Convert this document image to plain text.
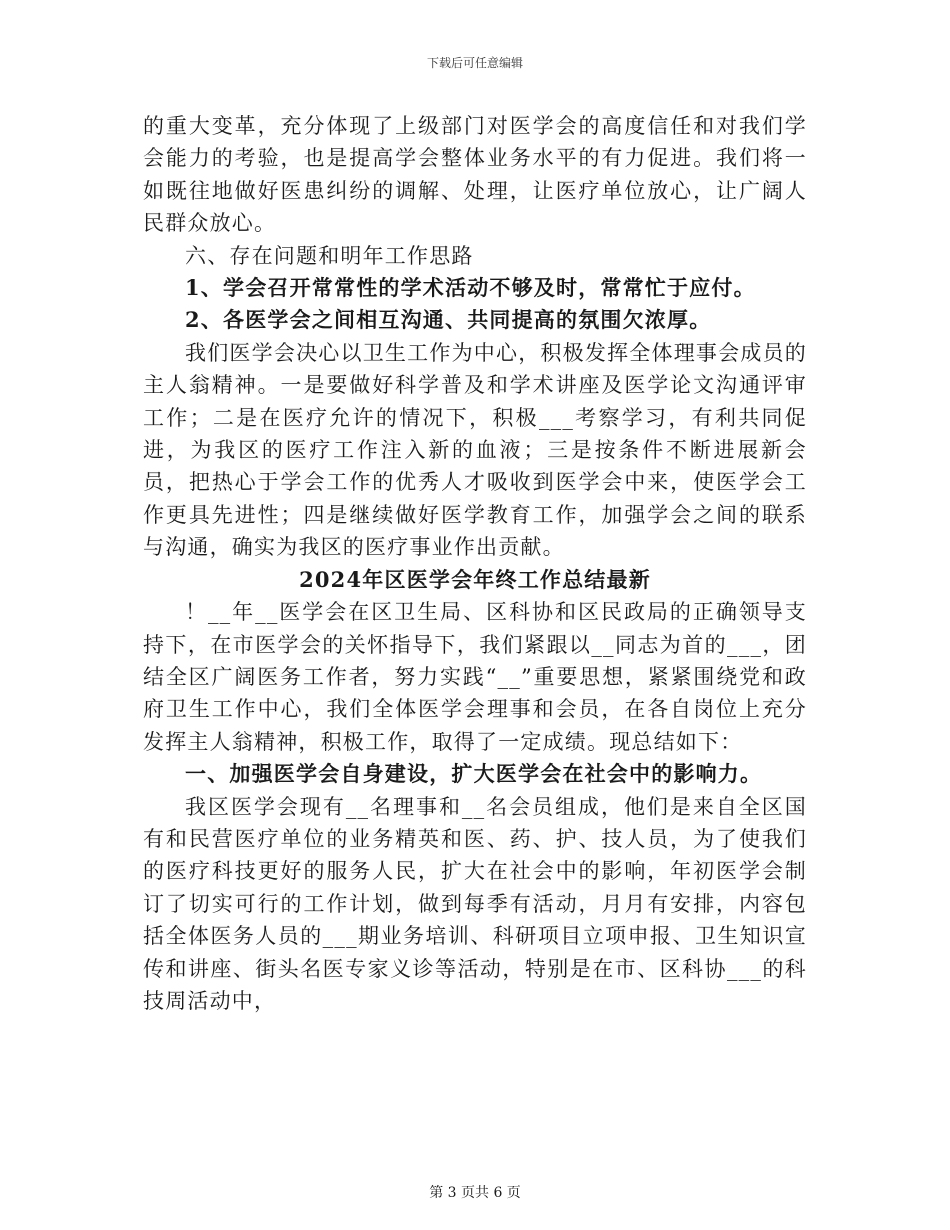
下载后可任意编辑

的重大变革，充分体现了上级部门对医学会的高度信任和对我们学会能力的考验，也是提高学会整体业务水平的有力促进。我们将一如既往地做好医患纠纷的调解、处理，让医疗单位放心，让广阔人民群众放心。

六、存在问题和明年工作思路

1、学会召开常常性的学术活动不够及时，常常忙于应付。

2、各医学会之间相互沟通、共同提高的氛围欠浓厚。

我们医学会决心以卫生工作为中心，积极发挥全体理事会成员的主人翁精神。一是要做好科学普及和学术讲座及医学论文沟通评审工作；二是在医疗允许的情况下，积极___考察学习，有利共同促进，为我区的医疗工作注入新的血液；三是按条件不断进展新会员，把热心于学会工作的优秀人才吸收到医学会中来，使医学会工作更具先进性；四是继续做好医学教育工作，加强学会之间的联系与沟通，确实为我区的医疗事业作出贡献。

2024年区医学会年终工作总结最新

！__年__医学会在区卫生局、区科协和区民政局的正确领导支持下，在市医学会的关怀指导下，我们紧跟以__同志为首的___，团结全区广阔医务工作者，努力实践“__”重要思想，紧紧围绕党和政府卫生工作中心，我们全体医学会理事和会员，在各自岗位上充分发挥主人翁精神，积极工作，取得了一定成绩。现总结如下：

一、加强医学会自身建设，扩大医学会在社会中的影响力。

我区医学会现有__名理事和__名会员组成，他们是来自全区国有和民营医疗单位的业务精英和医、药、护、技人员，为了使我们的医疗科技更好的服务人民，扩大在社会中的影响，年初医学会制订了切实可行的工作计划，做到每季有活动，月月有安排，内容包括全体医务人员的___期业务培训、科研项目立项申报、卫生知识宣传和讲座、街头名医专家义诊等活动，特别是在市、区科协___的科技周活动中，

第 3 页共 6 页
